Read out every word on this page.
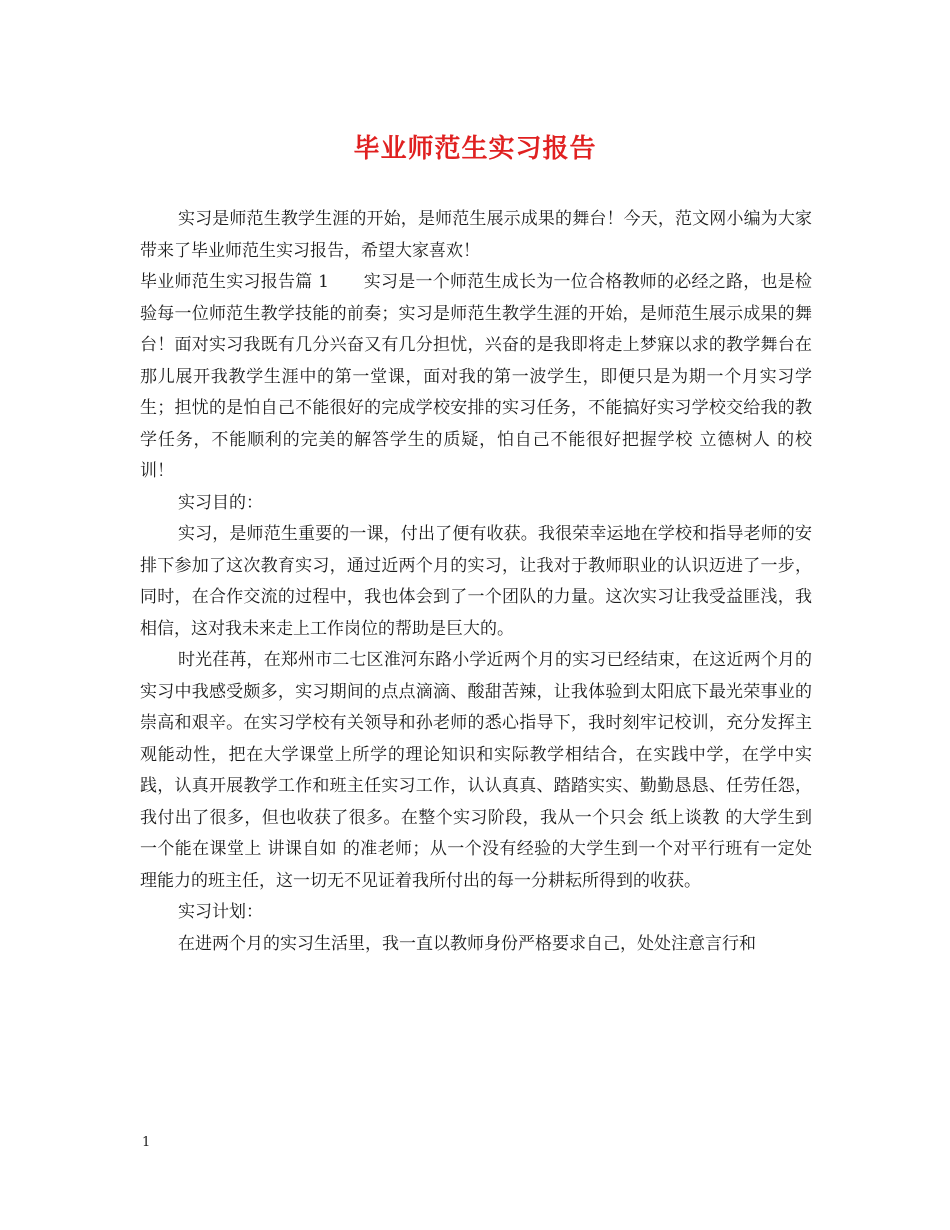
毕业师范生实习报告

实习是师范生教学生涯的开始，是师范生展示成果的舞台！今天，范文网小编为大家带来了毕业师范生实习报告，希望大家喜欢！

毕业师范生实习报告篇 1　　实习是一个师范生成长为一位合格教师的必经之路，也是检验每一位师范生教学技能的前奏；实习是师范生教学生涯的开始，是师范生展示成果的舞台！面对实习我既有几分兴奋又有几分担忧，兴奋的是我即将走上梦寐以求的教学舞台在那儿展开我教学生涯中的第一堂课，面对我的第一波学生，即便只是为期一个月实习学生；担忧的是怕自己不能很好的完成学校安排的实习任务，不能搞好实习学校交给我的教学任务，不能顺利的完美的解答学生的质疑，怕自己不能很好把握学校 立德树人 的校训！

实习目的：

实习，是师范生重要的一课，付出了便有收获。我很荣幸运地在学校和指导老师的安排下参加了这次教育实习，通过近两个月的实习，让我对于教师职业的认识迈进了一步，同时，在合作交流的过程中，我也体会到了一个团队的力量。这次实习让我受益匪浅，我相信，这对我未来走上工作岗位的帮助是巨大的。

时光荏苒，在郑州市二七区淮河东路小学近两个月的实习已经结束，在这近两个月的实习中我感受颇多，实习期间的点点滴滴、酸甜苦辣，让我体验到太阳底下最光荣事业的崇高和艰辛。在实习学校有关领导和孙老师的悉心指导下，我时刻牢记校训，充分发挥主观能动性，把在大学课堂上所学的理论知识和实际教学相结合，在实践中学，在学中实践，认真开展教学工作和班主任实习工作，认认真真、踏踏实实、勤勤恳恳、任劳任怨，我付出了很多，但也收获了很多。在整个实习阶段，我从一个只会 纸上谈教 的大学生到一个能在课堂上 讲课自如 的准老师；从一个没有经验的大学生到一个对平行班有一定处理能力的班主任，这一切无不见证着我所付出的每一分耕耘所得到的收获。

实习计划：

在进两个月的实习生活里，我一直以教师身份严格要求自己，处处注意言行和

1
